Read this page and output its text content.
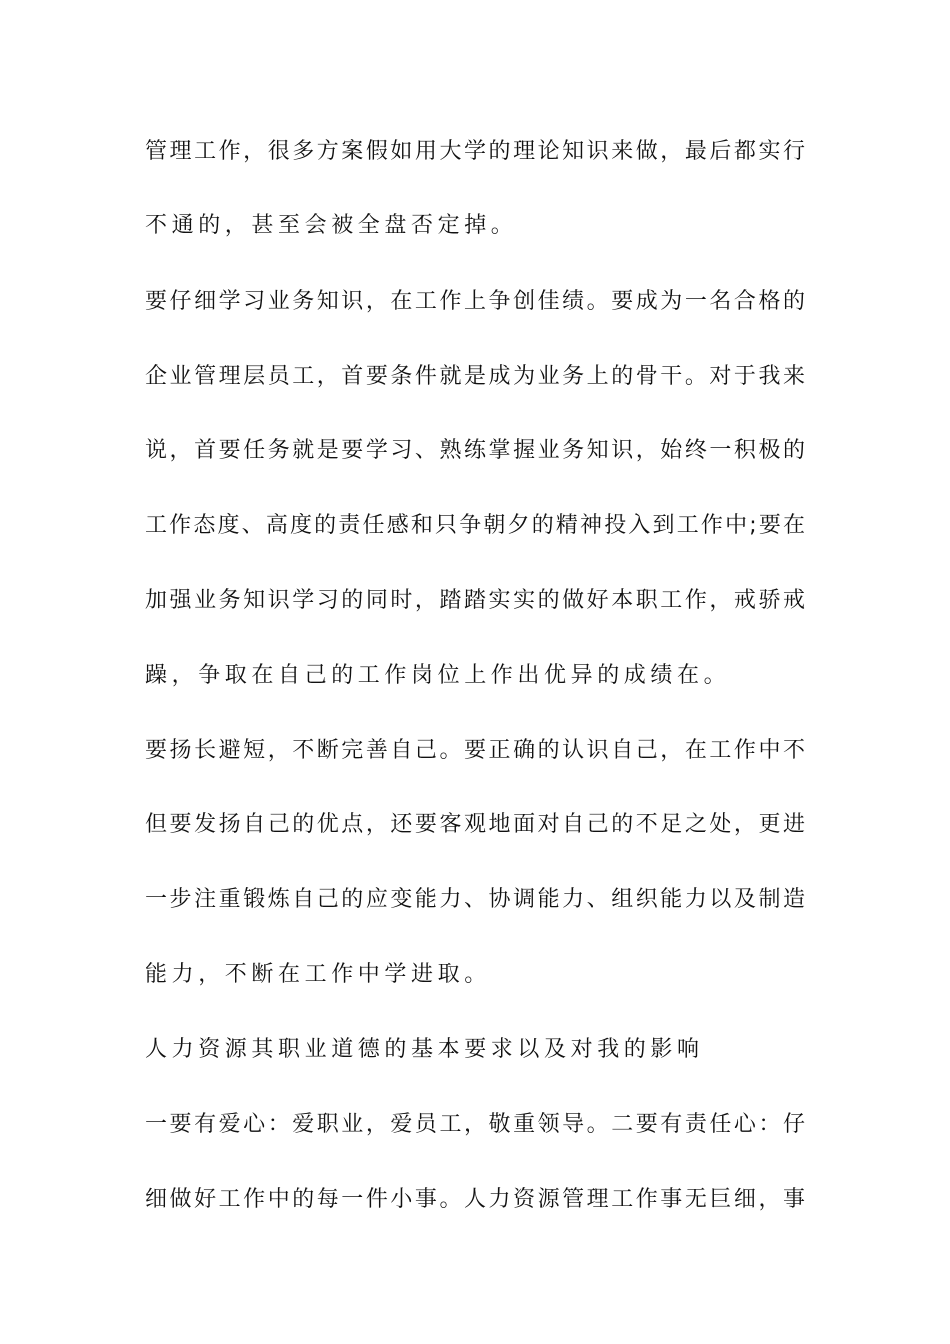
管理工作，很多方案假如用大学的理论知识来做，最后都实行
不通的，甚至会被全盘否定掉。
要仔细学习业务知识，在工作上争创佳绩。要成为一名合格的
企业管理层员工，首要条件就是成为业务上的骨干。对于我来
说，首要任务就是要学习、熟练掌握业务知识，始终一积极的
工作态度、高度的责任感和只争朝夕的精神投入到工作中;要在
加强业务知识学习的同时，踏踏实实的做好本职工作，戒骄戒
躁，争取在自己的工作岗位上作出优异的成绩在。
要扬长避短，不断完善自己。要正确的认识自己，在工作中不
但要发扬自己的优点，还要客观地面对自己的不足之处，更进
一步注重锻炼自己的应变能力、协调能力、组织能力以及制造
能力，不断在工作中学进取。
人力资源其职业道德的基本要求以及对我的影响
一要有爱心：爱职业，爱员工，敬重领导。二要有责任心：仔
细做好工作中的每一件小事。人力资源管理工作事无巨细，事
